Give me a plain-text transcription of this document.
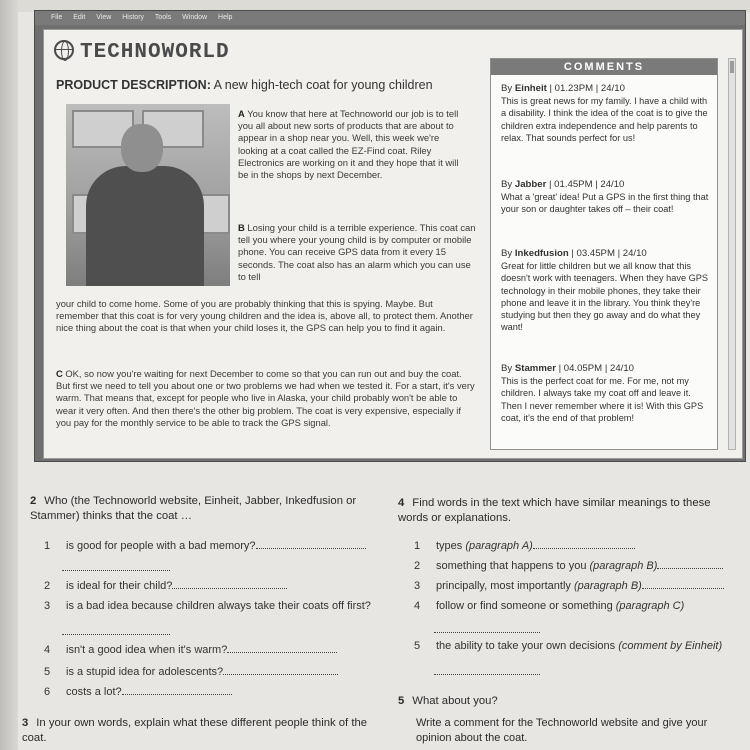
File Edit View History Tools Window Help
TECHNOWORLD
PRODUCT DESCRIPTION: A new high-tech coat for young children
A You know that here at Technoworld our job is to tell you all about new sorts of products that are about to appear in a shop near you. Well, this week we're looking at a coat called the EZ-Find coat. Riley Electronics are working on it and they hope that it will be in the shops by next December.
B Losing your child is a terrible experience. This coat can tell you where your young child is by computer or mobile phone. You can receive GPS data from it every 15 seconds. The coat also has an alarm which you can use to tell
your child to come home. Some of you are probably thinking that this is spying. Maybe. But remember that this coat is for very young children and the idea is, above all, to protect them. Another nice thing about the coat is that when your child loses it, the GPS can help you to find it again.
C OK, so now you're waiting for next December to come so that you can run out and buy the coat. But first we need to tell you about one or two problems we had when we tested it. For a start, it's very warm. That means that, except for people who live in Alaska, your child probably won't be able to wear it very often. And then there's the other big problem. The coat is very expensive, especially if you pay for the monthly service to be able to track the GPS signal.
COMMENTS
By Einheit | 01.23PM | 24/10
This is great news for my family. I have a child with a disability. I think the idea of the coat is to give the children extra independence and help parents to relax. That sounds perfect for us!
By Jabber | 01.45PM | 24/10
What a 'great' idea! Put a GPS in the first thing that your son or daughter takes off – their coat!
By Inkedfusion | 03.45PM | 24/10
Great for little children but we all know that this doesn't work with teenagers. When they have GPS technology in their mobile phones, they take their phone and leave it in the library. You think they're studying but then they go away and do what they want!
By Stammer | 04.05PM | 24/10
This is the perfect coat for me. For me, not my children. I always take my coat off and leave it. Then I never remember where it is! With this GPS coat, it's the end of that problem!
2 Who (the Technoworld website, Einheit, Jabber, Inkedfusion or Stammer) thinks that the coat …
1 is good for people with a bad memory?
2 is ideal for their child?
3 is a bad idea because children always take their coats off first?
4 isn't a good idea when it's warm?
5 is a stupid idea for adolescents?
6 costs a lot?
3 In your own words, explain what these different people think of the coat.
4 Find words in the text which have similar meanings to these words or explanations.
1 types (paragraph A)
2 something that happens to you (paragraph B)
3 principally, most importantly (paragraph B)
4 follow or find someone or something (paragraph C)
5 the ability to take your own decisions (comment by Einheit)
5 What about you?
Write a comment for the Technoworld website and give your opinion about the coat.
